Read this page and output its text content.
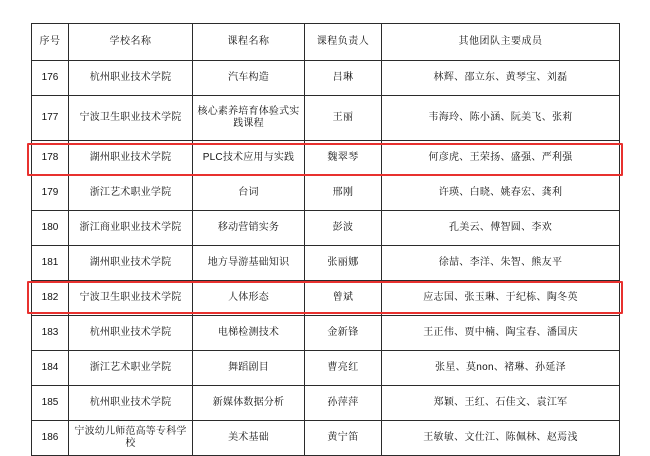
序号	学校名称	课程名称	课程负责人	其他团队主要成员
176	杭州职业技术学院	汽车构造	吕琳	林辉、邵立东、黄琴宝、刘磊
177	宁波卫生职业技术学院	核心素养培育体验式实践课程	王丽	韦海玲、陈小涵、阮美飞、张莉
178	湖州职业技术学院	PLC技术应用与实践	魏翠琴	何彦虎、王荣扬、盛强、严利强
179	浙江艺术职业学院	台词	邢刚	许瑛、白晓、姚春宏、龚利
180	浙江商业职业技术学院	移动营销实务	彭波	孔美云、傅智圆、李欢
181	湖州职业技术学院	地方导游基础知识	张丽娜	徐喆、李洋、朱智、熊友平
182	宁波卫生职业技术学院	人体形态	曾斌	应志国、张玉琳、于纪栋、陶冬英
183	杭州职业技术学院	电梯检测技术	金新锋	王正伟、贾中楠、陶宝春、潘国庆
184	浙江艺术职业学院	舞蹈剧目	曹亮红	张星、莫non、褚琳、孙延泽
185	杭州职业技术学院	新媒体数据分析	孙萍萍	郑颖、王红、石佳文、袁江军
186	宁波幼儿师范高等专科学校	美术基础	黄宁笛	王敏敏、文仕江、陈佩林、赵焉浅
